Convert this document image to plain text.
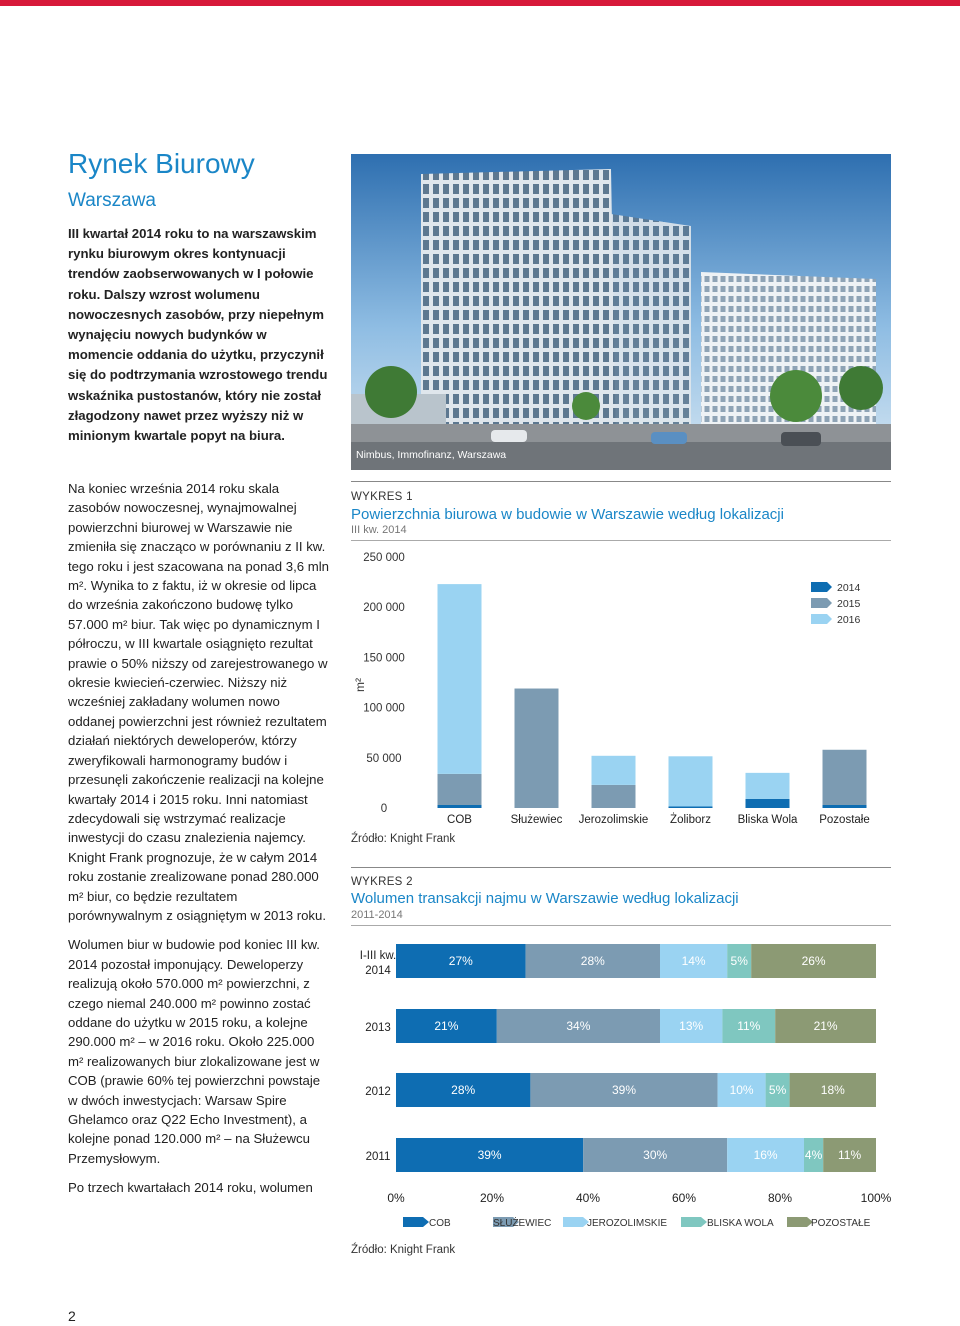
Rynek Biurowy
Warszawa

III kwartał 2014 roku to na warszawskim rynku biurowym okres kontynuacji trendów zaobserwowanych w I połowie roku. Dalszy wzrost wolumenu nowoczesnych zasobów, przy niepełnym wynajęciu nowych budynków w momencie oddania do użytku, przyczynił się do podtrzymania wzrostowego trendu wskaźnika pustostanów, który nie został złagodzony nawet przez wyższy niż w minionym kwartale popyt na biura.

Na koniec września 2014 roku skala zasobów nowoczesnej, wynajmowalnej powierzchni biurowej w Warszawie nie zmieniła się znacząco w porównaniu z II kw. tego roku i jest szacowana na ponad 3,6 mln m². Wynika to z faktu, iż w okresie od lipca do września zakończono budowę tylko 57.000 m² biur. Tak więc po dynamicznym I półroczu, w III kwartale osiągnięto rezultat prawie o 50% niższy od zarejestrowanego w okresie kwiecień-czerwiec. Niższy niż wcześniej zakładany wolumen nowo oddanej powierzchni jest również rezultatem działań niektórych deweloperów, którzy zweryfikowali harmonogramy budów i przesunęli zakończenie realizacji na kolejne kwartały 2014 i 2015 roku. Inni natomiast zdecydowali się wstrzymać realizacje inwestycji do czasu znalezienia najemcy. Knight Frank prognozuje, że w całym 2014 roku zostanie zrealizowane ponad 280.000 m² biur, co będzie rezultatem porównywalnym z osiągniętym w 2013 roku.

Wolumen biur w budowie pod koniec III kw. 2014 pozostał imponujący. Deweloperzy realizują około 570.000 m² powierzchni, z czego niemal 240.000 m² powinno zostać oddane do użytku w 2015 roku, a kolejne 290.000 m² – w 2016 roku. Około 225.000 m² realizowanych biur zlokalizowane jest w COB (prawie 60% tej powierzchni powstaje w dwóch inwestycjach: Warsaw Spire Ghelamco oraz Q22 Echo Investment), a kolejne ponad 120.000 m² – na Służewcu Przemysłowym.

Po trzech kwartałach 2014 roku, wolumen

Nimbus, Immofinanz, Warszawa
WYKRES 1
Powierzchnia biurowa w budowie w Warszawie według lokalizacji
III kw. 2014
0
50 000
100 000
150 000
200 000
250 000
m²
COB	Służewiec Jerozolimskie Żoliborz Bliska Wola Pozostałe
2014
2015
2016
Źródło: Knight Frank
WYKRES 2
Wolumen transakcji najmu w Warszawie według lokalizacji
2011-2014
I-III kw.
2014
27%	28%	14% 5%	26%
2013	21%	34%	13%	11%	21%
2012	28%	39%	10% 5%	18%
2011	39%	30%	16% 4% 11%
0%	20%	40%	60%	80%	100%
COB	SŁUŻEWIEC	JEROZOLIMSKIE	BLISKA WOLA	POZOSTAŁE
Źródło: Knight Frank
2
